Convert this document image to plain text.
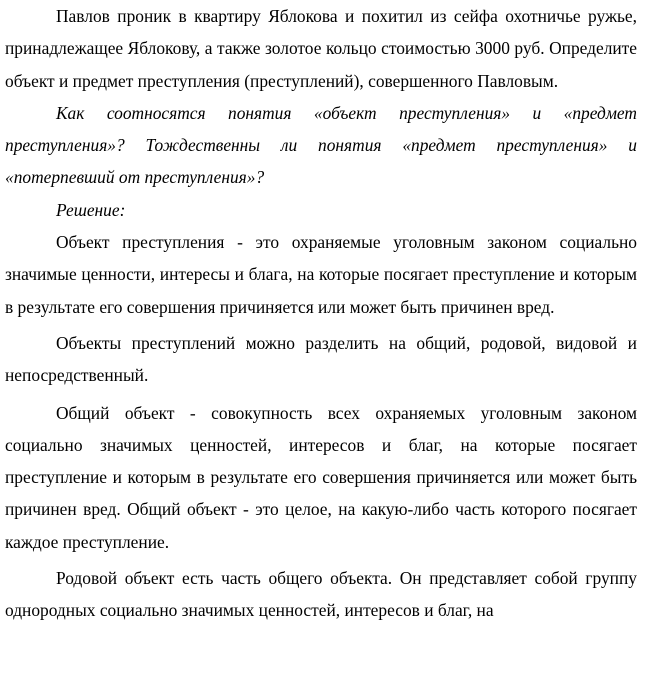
Павлов проник в квартиру Яблокова и похитил из сейфа охотничье ружье, принадлежащее Яблокову, а также золотое кольцо стоимостью 3000 руб. Определите объект и предмет преступления (преступлений), совершенного Павловым.

Как соотносятся понятия «объект преступления» и «предмет преступления»? Тождественны ли понятия «предмет преступления» и «потерпевший от преступления»?

Решение:

Объект преступления - это охраняемые уголовным законом социально значимые ценности, интересы и блага, на которые посягает преступление и которым в результате его совершения причиняется или может быть причинен вред.

Объекты преступлений можно разделить на общий, родовой, видовой и непосредственный.

Общий объект - совокупность всех охраняемых уголовным законом социально значимых ценностей, интересов и благ, на которые посягает преступление и которым в результате его совершения причиняется или может быть причинен вред. Общий объект - это целое, на какую-либо часть которого посягает каждое преступление.

Родовой объект есть часть общего объекта. Он представляет собой группу однородных социально значимых ценностей, интересов и благ, на
